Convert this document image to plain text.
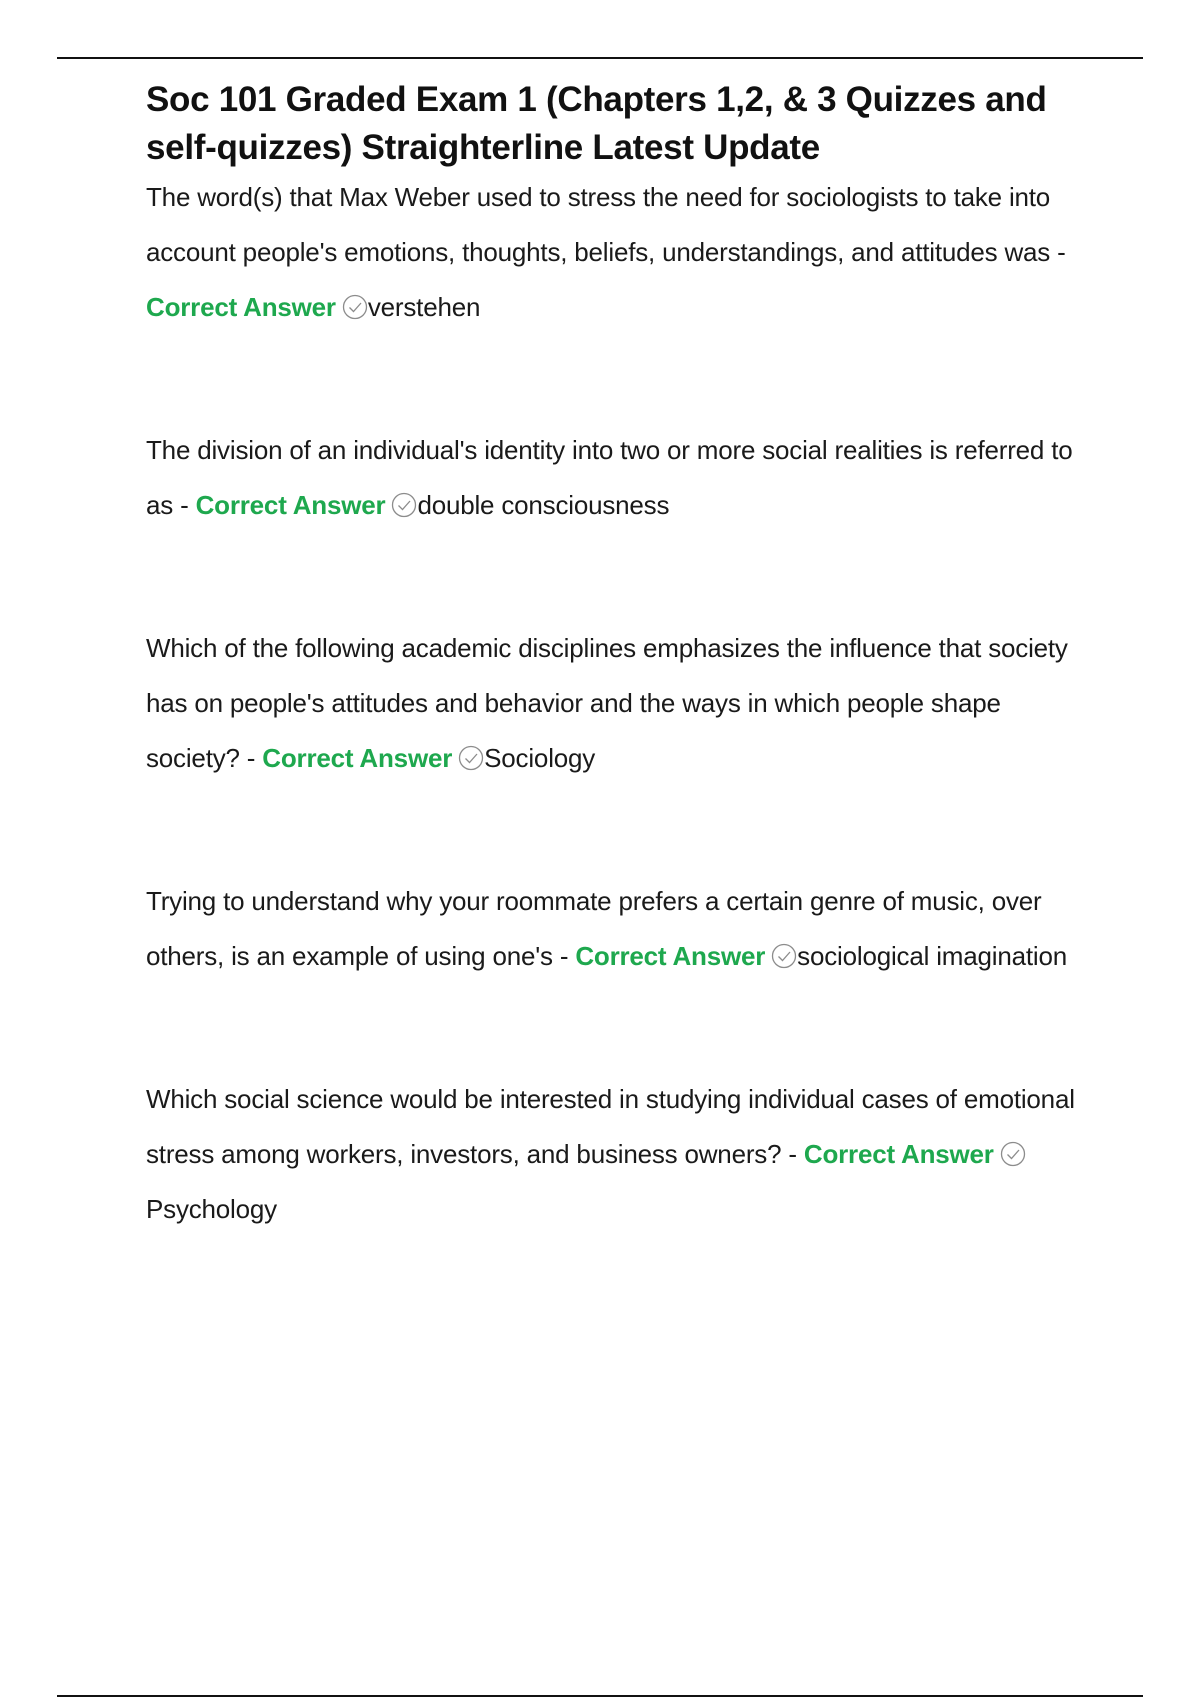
Soc 101 Graded Exam 1 (Chapters 1,2, & 3 Quizzes and self-quizzes) Straighterline Latest Update

The word(s) that Max Weber used to stress the need for sociologists to take into account people's emotions, thoughts, beliefs, understandings, and attitudes was - Correct Answer verstehen

The division of an individual's identity into two or more social realities is referred to as - Correct Answer double consciousness

Which of the following academic disciplines emphasizes the influence that society has on people's attitudes and behavior and the ways in which people shape society? - Correct Answer Sociology

Trying to understand why your roommate prefers a certain genre of music, over others, is an example of using one's - Correct Answer sociological imagination

Which social science would be interested in studying individual cases of emotional stress among workers, investors, and business owners? - Correct Answer
Psychology
